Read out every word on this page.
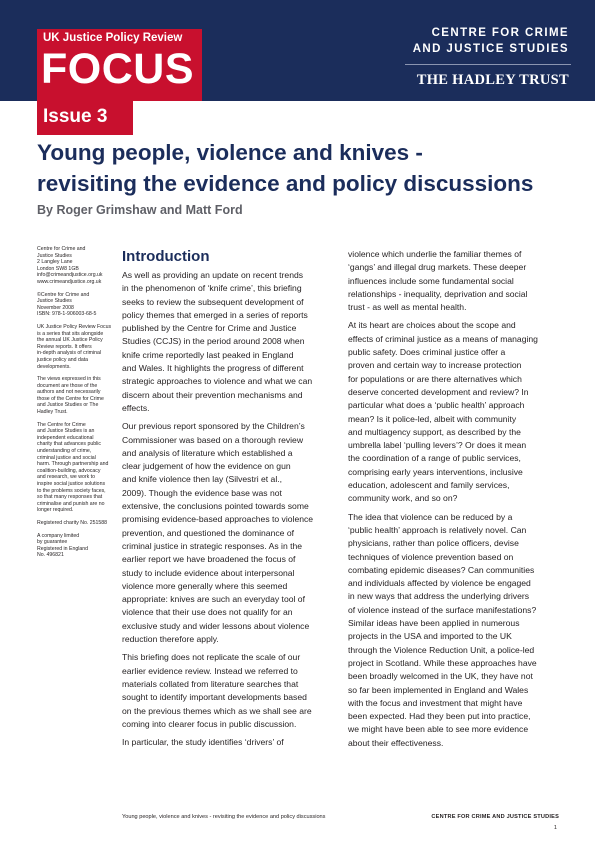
CENTRE FOR CRIME
AND JUSTICE STUDIES
THE HADLEY TRUST
UK Justice Policy Review
FOCUS
Issue 3
Young people, violence and knives -
revisiting the evidence and policy discussions
By Roger Grimshaw and Matt Ford

Centre for Crime and
Justice Studies
2 Langley Lane
London SW8 1GB
info@crimeandjustice.org.uk
www.crimeandjustice.org.uk

©Centre for Crime and
Justice Studies
November 2008
ISBN: 978-1-906003-68-5

UK Justice Policy Review Focus
is a series that sits alongside
the annual UK Justice Policy
Review reports. It offers
in-depth analysis of criminal
justice policy and data
developments.

The views expressed in this
document are those of the
authors and not necessarily
those of the Centre for Crime
and Justice Studies or The
Hadley Trust.

The Centre for Crime
and Justice Studies is an
independent educational
charity that advances public
understanding of crime,
criminal justice and social
harm. Through partnership and
coalition-building, advocacy
and research, we work to
inspire social justice solutions
to the problems society faces,
so that many responses that
criminalise and punish are no
longer required.

Registered charity No. 251588

A company limited
by guarantee
Registered in England
No. 496821

Introduction

As well as providing an update on recent trends
in the phenomenon of ‘knife crime’, this briefing
seeks to review the subsequent development of
policy themes that emerged in a series of reports
published by the Centre for Crime and Justice
Studies (CCJS) in the period around 2008 when
knife crime reportedly last peaked in England
and Wales. It highlights the progress of different
strategic approaches to violence and what we can
discern about their prevention mechanisms and
effects.

Our previous report sponsored by the Children’s
Commissioner was based on a thorough review
and analysis of literature which established a
clear judgement of how the evidence on gun
and knife violence then lay (Silvestri et al.,
2009). Though the evidence base was not
extensive, the conclusions pointed towards some
promising evidence-based approaches to violence
prevention, and questioned the dominance of
criminal justice in strategic responses. As in the
earlier report we have broadened the focus of
study to include evidence about interpersonal
violence more generally where this seemed
appropriate: knives are such an everyday tool of
violence that their use does not qualify for an
exclusive study and wider lessons about violence
reduction therefore apply.

This briefing does not replicate the scale of our
earlier evidence review. Instead we referred to
materials collated from literature searches that
sought to identify important developments based
on the previous themes which as we shall see are
coming into clearer focus in public discussion.

In particular, the study identifies ‘drivers’ of

violence which underlie the familiar themes of
‘gangs’ and illegal drug markets. These deeper
influences include some fundamental social
relationships - inequality, deprivation and social
trust - as well as mental health.

At its heart are choices about the scope and
effects of criminal justice as a means of managing
public safety. Does criminal justice offer a
proven and certain way to increase protection
for populations or are there alternatives which
deserve concerted development and review? In
particular what does a ‘public health’ approach
mean? Is it police-led, albeit with community
and multiagency support, as described by the
umbrella label ‘pulling levers’? Or does it mean
the coordination of a range of public services,
comprising early years interventions, inclusive
education, adolescent and family services,
community work, and so on?

The idea that violence can be reduced by a
‘public health’ approach is relatively novel. Can
physicians, rather than police officers, devise
techniques of violence prevention based on
combating epidemic diseases? Can communities
and individuals affected by violence be engaged
in new ways that address the underlying drivers
of violence instead of the surface manifestations?
Similar ideas have been applied in numerous
projects in the USA and imported to the UK
through the Violence Reduction Unit, a police-led
project in Scotland. While these approaches have
been broadly welcomed in the UK, they have not
so far been implemented in England and Wales
with the focus and investment that might have
been expected. Had they been put into practice,
we might have been able to see more evidence
about their effectiveness.

Young people, violence and knives - revisiting the evidence and policy discussions	CENTRE FOR CRIME AND JUSTICE STUDIES
1
